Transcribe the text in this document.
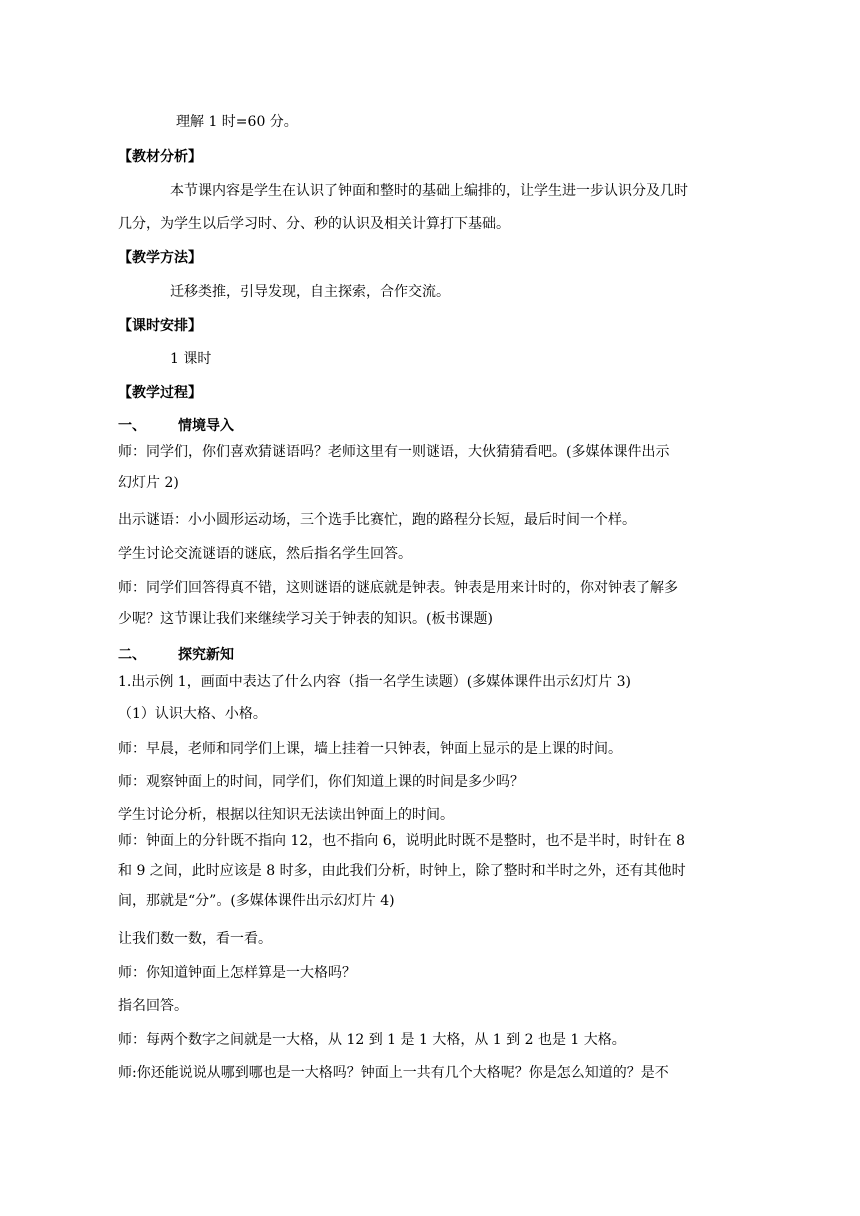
理解 1 时=60 分。
【教材分析】
本节课内容是学生在认识了钟面和整时的基础上编排的，让学生进一步认识分及几时
几分，为学生以后学习时、分、秒的认识及相关计算打下基础。
【教学方法】
迁移类推，引导发现，自主探索，合作交流。
【课时安排】
1 课时
【教学过程】
一、 情境导入
师：同学们，你们喜欢猜谜语吗？老师这里有一则谜语，大伙猜猜看吧。(多媒体课件出示
幻灯片 2)
出示谜语：小小圆形运动场，三个选手比赛忙，跑的路程分长短，最后时间一个样。
学生讨论交流谜语的谜底，然后指名学生回答。
师：同学们回答得真不错，这则谜语的谜底就是钟表。钟表是用来计时的，你对钟表了解多
少呢？这节课让我们来继续学习关于钟表的知识。(板书课题)
二、 探究新知
1.出示例 1，画面中表达了什么内容（指一名学生读题）(多媒体课件出示幻灯片 3)
（1）认识大格、小格。
师：早晨，老师和同学们上课，墙上挂着一只钟表，钟面上显示的是上课的时间。
师：观察钟面上的时间，同学们，你们知道上课的时间是多少吗？
学生讨论分析，根据以往知识无法读出钟面上的时间。
师：钟面上的分针既不指向 12，也不指向 6，说明此时既不是整时，也不是半时，时针在 8
和 9 之间，此时应该是 8 时多，由此我们分析，时钟上，除了整时和半时之外，还有其他时
间，那就是“分”。(多媒体课件出示幻灯片 4)
让我们数一数，看一看。
师：你知道钟面上怎样算是一大格吗？
指名回答。
师：每两个数字之间就是一大格，从 12 到 1 是 1 大格，从 1 到 2 也是 1 大格。
师:你还能说说从哪到哪也是一大格吗？钟面上一共有几个大格呢？你是怎么知道的？是不
